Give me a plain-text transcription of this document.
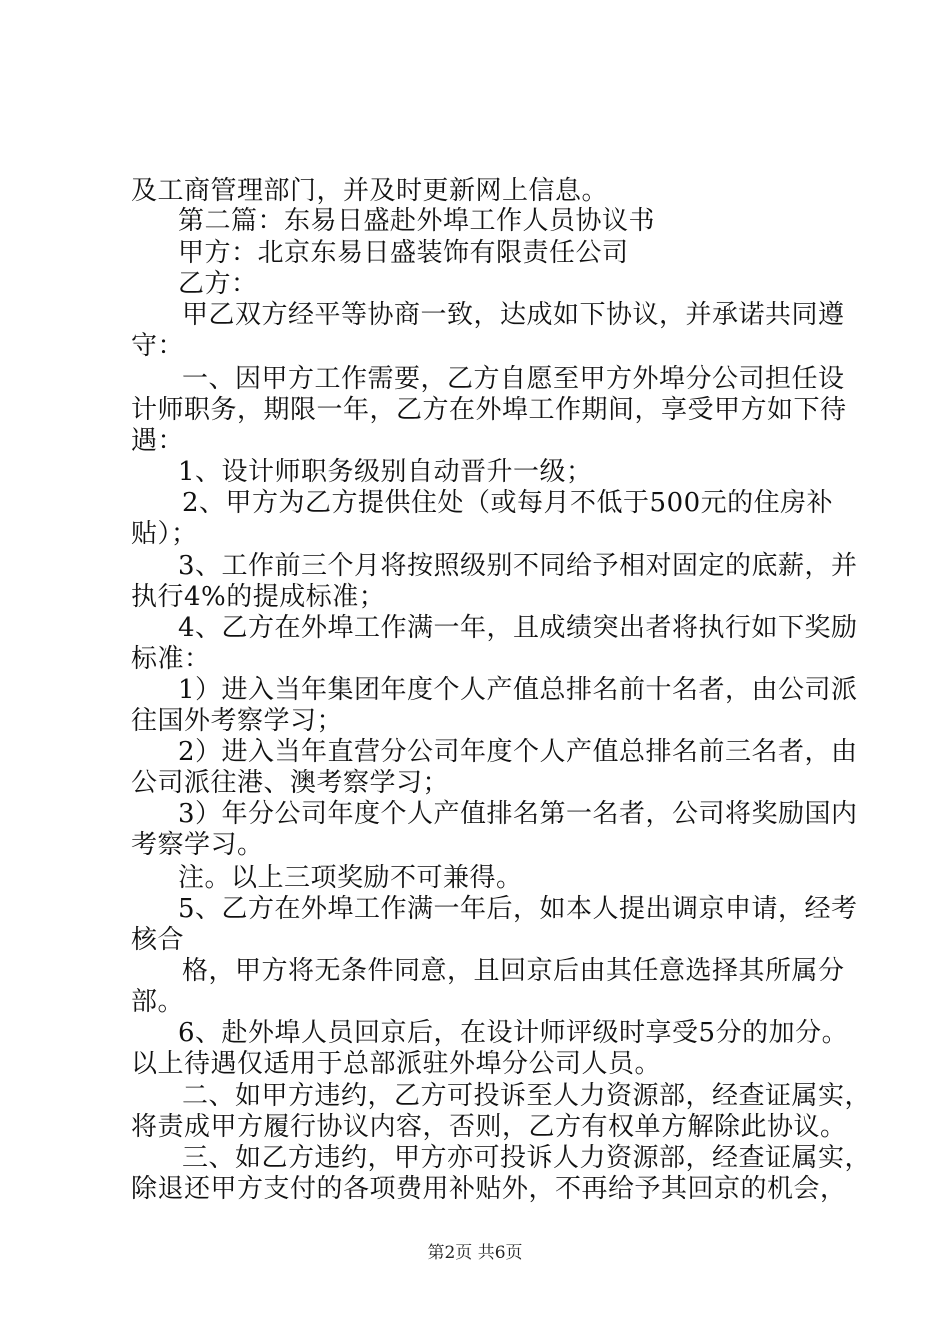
及工商管理部门，并及时更新网上信息。
第二篇：东易日盛赴外埠工作人员协议书
甲方：北京东易日盛装饰有限责任公司
乙方：
甲乙双方经平等协商一致，达成如下协议，并承诺共同遵
守：
一、因甲方工作需要，乙方自愿至甲方外埠分公司担任设
计师职务，期限一年，乙方在外埠工作期间，享受甲方如下待
遇：
1、设计师职务级别自动晋升一级；
2、甲方为乙方提供住处（或每月不低于500元的住房补
贴）；
3、工作前三个月将按照级别不同给予相对固定的底薪，并
执行4%的提成标准；
4、乙方在外埠工作满一年，且成绩突出者将执行如下奖励
标准：
1）进入当年集团年度个人产值总排名前十名者，由公司派
往国外考察学习；
2）进入当年直营分公司年度个人产值总排名前三名者，由
公司派往港、澳考察学习；
3）年分公司年度个人产值排名第一名者，公司将奖励国内
考察学习。
注。以上三项奖励不可兼得。
5、乙方在外埠工作满一年后，如本人提出调京申请，经考
核合
格，甲方将无条件同意，且回京后由其任意选择其所属分
部。
6、赴外埠人员回京后，在设计师评级时享受5分的加分。
以上待遇仅适用于总部派驻外埠分公司人员。
二、如甲方违约，乙方可投诉至人力资源部，经查证属实，
将责成甲方履行协议内容，否则，乙方有权单方解除此协议。
三、如乙方违约，甲方亦可投诉人力资源部，经查证属实，
除退还甲方支付的各项费用补贴外，不再给予其回京的机会，
第2页 共6页
